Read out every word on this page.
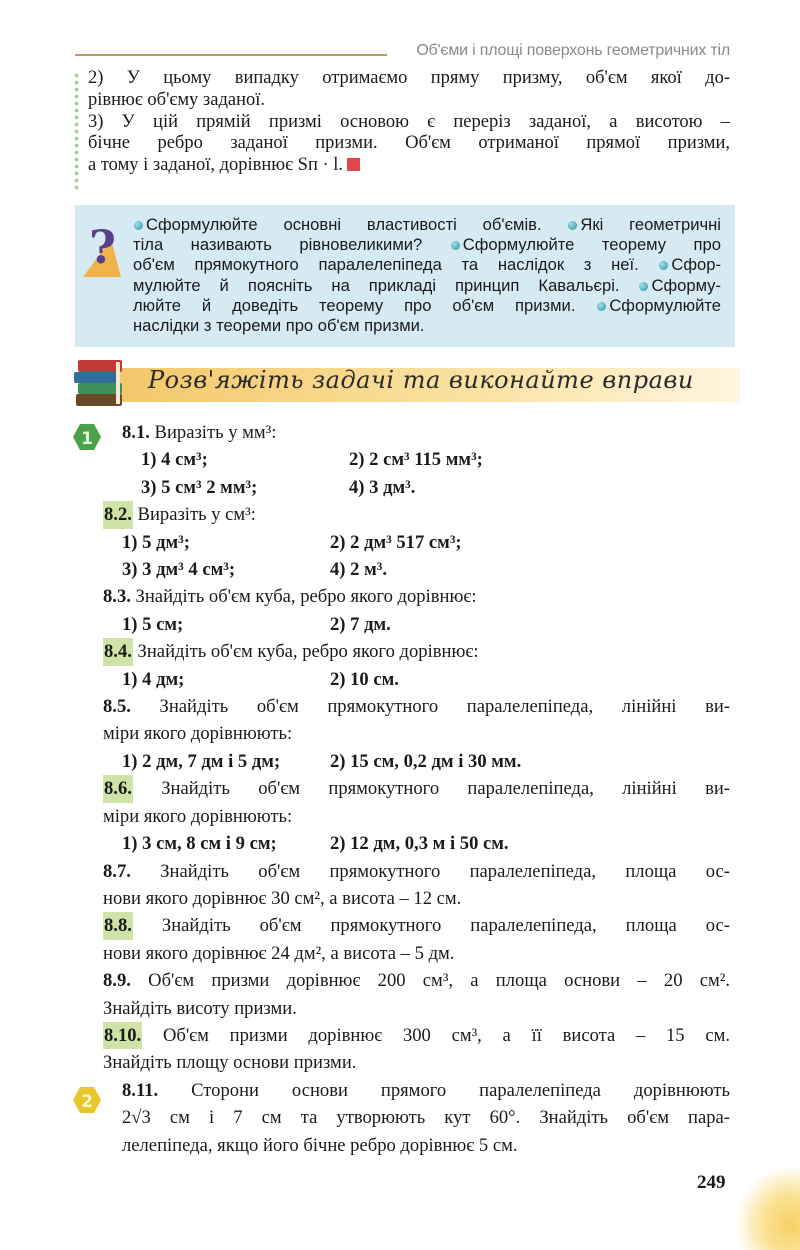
Об'єми і площі поверхонь геометричних тіл
2) У цьому випадку отримаємо пряму призму, об'єм якої до-
рівнює об'єму заданої.
3) У цій прямій призмі основою є переріз заданої, а висотою –
бічне ребро заданої призми. Об'єм отриманої прямої призми,
а тому і заданої, дорівнює Sп · l.
?	Сформулюйте основні властивості об'ємів. Які геометричні
тіла називають рівновеликими? Сформулюйте теорему про
об'єм прямокутного паралелепіпеда та наслідок з неї. Сфор-
мулюйте й поясніть на прикладі принцип Кавальєрі. Сформу-
люйте й доведіть теорему про об'єм призми. Сформулюйте
наслідки з теореми про об'єм призми.
Розв'яжіть задачі та виконайте вправи
1
2
8.1. Виразіть у мм³:
1) 4 см³;	2) 2 см³ 115 мм³;
3) 5 см³ 2 мм³;	4) 3 дм³.
8.2. Виразіть у см³:
1) 5 дм³;	2) 2 дм³ 517 см³;
3) 3 дм³ 4 см³;	4) 2 м³.
8.3. Знайдіть об'єм куба, ребро якого дорівнює:
1) 5 см;	2) 7 дм.
8.4. Знайдіть об'єм куба, ребро якого дорівнює:
1) 4 дм;	2) 10 см.
8.5. Знайдіть об'єм прямокутного паралелепіпеда, лінійні ви-
міри якого дорівнюють:
1) 2 дм, 7 дм і 5 дм;	2) 15 см, 0,2 дм і 30 мм.
8.6. Знайдіть об'єм прямокутного паралелепіпеда, лінійні ви-
міри якого дорівнюють:
1) 3 см, 8 см і 9 см;	2) 12 дм, 0,3 м і 50 см.
8.7. Знайдіть об'єм прямокутного паралелепіпеда, площа ос-
нови якого дорівнює 30 см², а висота – 12 см.
8.8. Знайдіть об'єм прямокутного паралелепіпеда, площа ос-
нови якого дорівнює 24 дм², а висота – 5 дм.
8.9. Об'єм призми дорівнює 200 см³, а площа основи – 20 см².
Знайдіть висоту призми.
8.10. Об'єм призми дорівнює 300 см³, а її висота – 15 см.
Знайдіть площу основи призми.
8.11. Сторони основи прямого паралелепіпеда дорівнюють
2√3 см і 7 см та утворюють кут 60°. Знайдіть об'єм пара-
лелепіпеда, якщо його бічне ребро дорівнює 5 см.
249
